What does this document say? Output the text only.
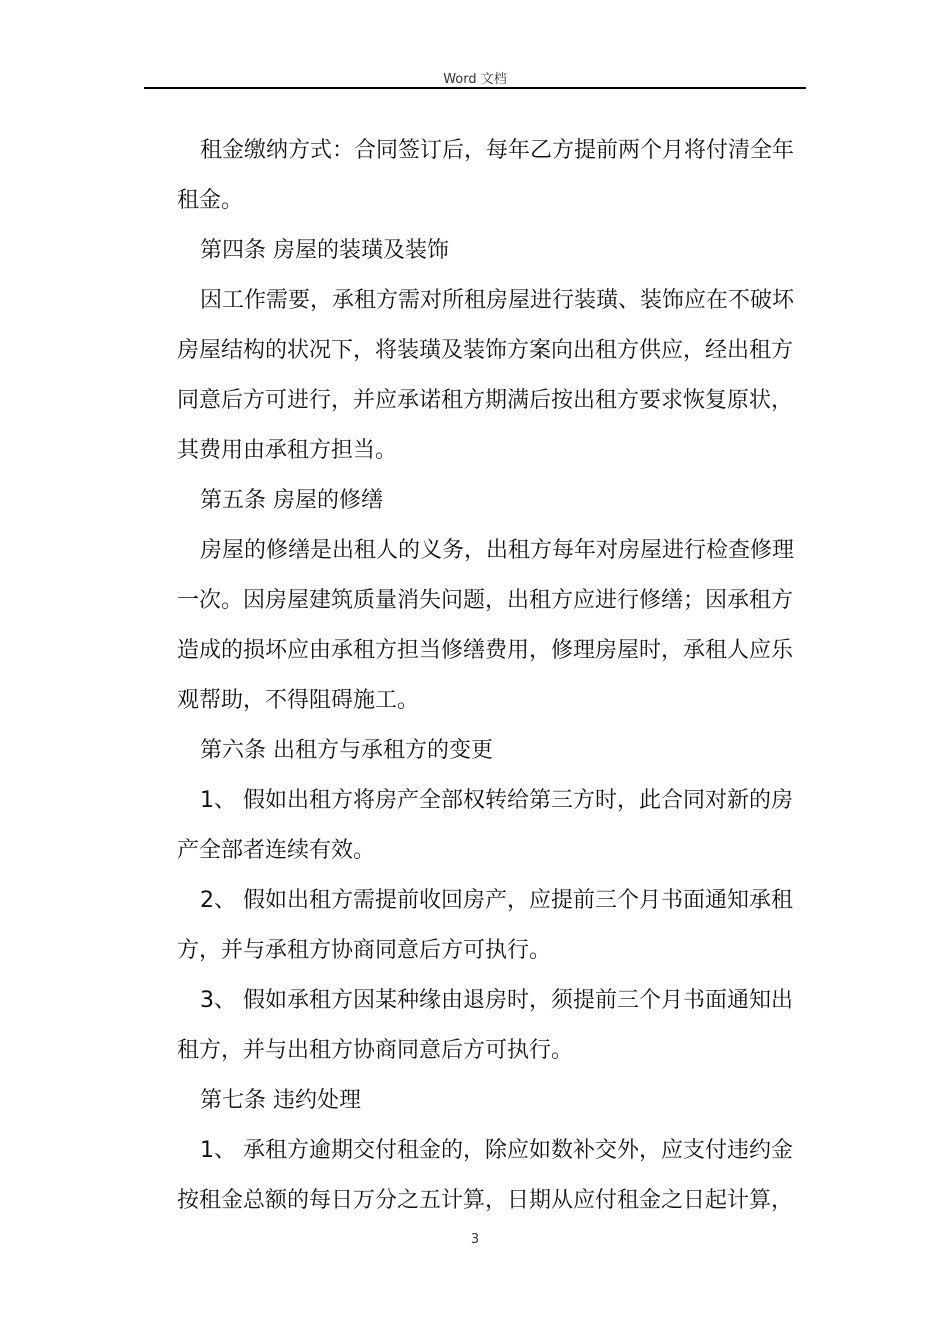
Word 文档

租金缴纳方式：合同签订后，每年乙方提前两个月将付清全年租金。

第四条 房屋的装璜及装饰

因工作需要，承租方需对所租房屋进行装璜、装饰应在不破坏房屋结构的状况下，将装璜及装饰方案向出租方供应，经出租方同意后方可进行，并应承诺租方期满后按出租方要求恢复原状，其费用由承租方担当。

第五条 房屋的修缮

房屋的修缮是出租人的义务，出租方每年对房屋进行检查修理一次。因房屋建筑质量消失问题，出租方应进行修缮；因承租方造成的损坏应由承租方担当修缮费用，修理房屋时，承租人应乐观帮助，不得阻碍施工。

第六条 出租方与承租方的变更

1、 假如出租方将房产全部权转给第三方时，此合同对新的房产全部者连续有效。

2、 假如出租方需提前收回房产，应提前三个月书面通知承租方，并与承租方协商同意后方可执行。

3、 假如承租方因某种缘由退房时，须提前三个月书面通知出租方，并与出租方协商同意后方可执行。

第七条 违约处理

1、 承租方逾期交付租金的，除应如数补交外，应支付违约金按租金总额的每日万分之五计算，日期从应付租金之日起计算，

3
